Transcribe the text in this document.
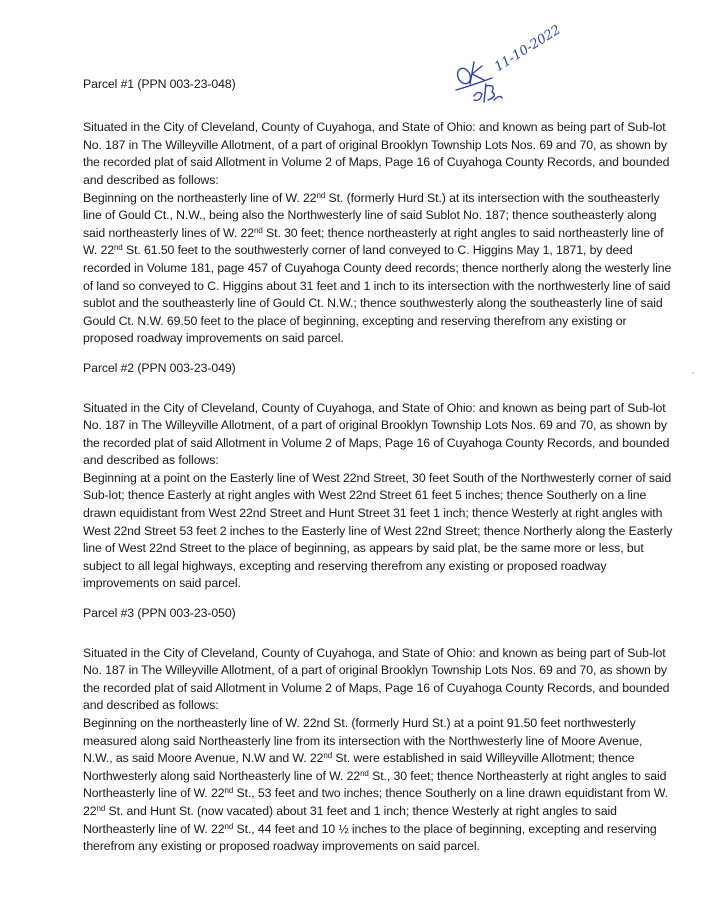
11-10-2022

Parcel #1 (PPN 003-23-048)

Situated in the City of Cleveland, County of Cuyahoga, and State of Ohio: and known as being part of Sub-lot No. 187 in The Willeyville Allotment, of a part of original Brooklyn Township Lots Nos. 69 and 70, as shown by the recorded plat of said Allotment in Volume 2 of Maps, Page 16 of Cuyahoga County Records, and bounded and described as follows:

Beginning on the northeasterly line of W. 22nd St. (formerly Hurd St.) at its intersection with the southeasterly line of Gould Ct., N.W., being also the Northwesterly line of said Sublot No. 187; thence southeasterly along said northeasterly lines of W. 22nd St. 30 feet; thence northeasterly at right angles to said northeasterly line of W. 22nd St. 61.50 feet to the southwesterly corner of land conveyed to C. Higgins May 1, 1871, by deed recorded in Volume 181, page 457 of Cuyahoga County deed records; thence northerly along the westerly line of land so conveyed to C. Higgins about 31 feet and 1 inch to its intersection with the northwesterly line of said sublot and the southeasterly line of Gould Ct. N.W.; thence southwesterly along the southeasterly line of said Gould Ct. N.W. 69.50 feet to the place of beginning, excepting and reserving therefrom any existing or proposed roadway improvements on said parcel.

Parcel #2 (PPN 003-23-049)

Situated in the City of Cleveland, County of Cuyahoga, and State of Ohio: and known as being part of Sub-lot No. 187 in The Willeyville Allotment, of a part of original Brooklyn Township Lots Nos. 69 and 70, as shown by the recorded plat of said Allotment in Volume 2 of Maps, Page 16 of Cuyahoga County Records, and bounded and described as follows:

Beginning at a point on the Easterly line of West 22nd Street, 30 feet South of the Northwesterly corner of said Sub-lot; thence Easterly at right angles with West 22nd Street 61 feet 5 inches; thence Southerly on a line drawn equidistant from West 22nd Street and Hunt Street 31 feet 1 inch; thence Westerly at right angles with West 22nd Street 53 feet 2 inches to the Easterly line of West 22nd Street; thence Northerly along the Easterly line of West 22nd Street to the place of beginning, as appears by said plat, be the same more or less, but subject to all legal highways, excepting and reserving therefrom any existing or proposed roadway improvements on said parcel.

Parcel #3 (PPN 003-23-050)

Situated in the City of Cleveland, County of Cuyahoga, and State of Ohio: and known as being part of Sub-lot No. 187 in The Willeyville Allotment, of a part of original Brooklyn Township Lots Nos. 69 and 70, as shown by the recorded plat of said Allotment in Volume 2 of Maps, Page 16 of Cuyahoga County Records, and bounded and described as follows:

Beginning on the northeasterly line of W. 22nd St. (formerly Hurd St.) at a point 91.50 feet northwesterly measured along said Northeasterly line from its intersection with the Northwesterly line of Moore Avenue, N.W., as said Moore Avenue, N.W and W. 22nd St. were established in said Willeyville Allotment; thence Northwesterly along said Northeasterly line of W. 22nd St., 30 feet; thence Northeasterly at right angles to said Northeasterly line of W. 22nd St., 53 feet and two inches; thence Southerly on a line drawn equidistant from W. 22nd St. and Hunt St. (now vacated) about 31 feet and 1 inch; thence Westerly at right angles to said Northeasterly line of W. 22nd St., 44 feet and 10 ½ inches to the place of beginning, excepting and reserving therefrom any existing or proposed roadway improvements on said parcel.
